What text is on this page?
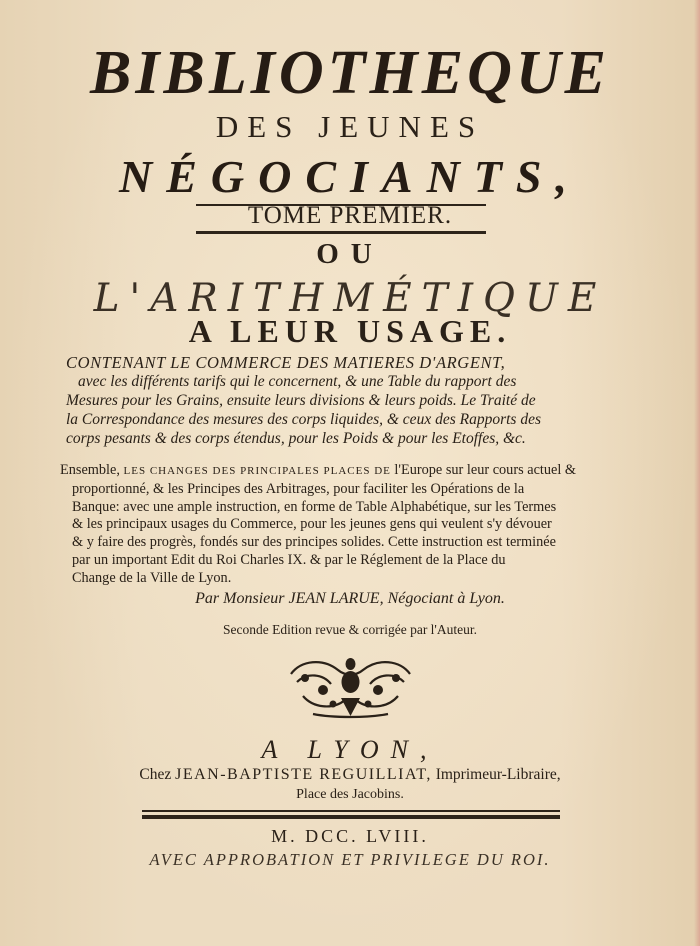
BIBLIOTHEQUE
DES JEUNES
NÉGOCIANTS,
TOME PREMIER.
OU
L'ARITHMÉTIQUE
A LEUR USAGE.
CONTENANT LE COMMERCE DES MATIERES D'ARGENT,
avec les différents tarifs qui le concernent, & une Table du rapport des
Mesures pour les Grains, ensuite leurs divisions & leurs poids. Le Traité de
la Correspondance des mesures des corps liquides, & ceux des Rapports des
corps pesants & des corps étendus, pour les Poids & pour les Etoffes, &c.
Ensemble, LES CHANGES DES PRINCIPALES PLACES DE l'Europe sur leur cours actuel &
proportionné, & les Principes des Arbitrages, pour faciliter les Opérations de la
Banque: avec une ample instruction, en forme de Table Alphabétique, sur les Termes
& les principaux usages du Commerce, pour les jeunes gens qui veulent s'y dévouer
& y faire des progrès, fondés sur des principes solides. Cette instruction est terminée
par un important Edit du Roi Charles IX. & par le Réglement de la Place du
Change de la Ville de Lyon.
Par Monsieur JEAN LARUE, Négociant à Lyon.
Seconde Edition revue & corrigée par l'Auteur.
A LYON,
Chez JEAN-BAPTISTE REGUILLIAT, Imprimeur-Libraire,
Place des Jacobins.
M. DCC. LVIII.
AVEC APPROBATION ET PRIVILEGE DU ROI.
